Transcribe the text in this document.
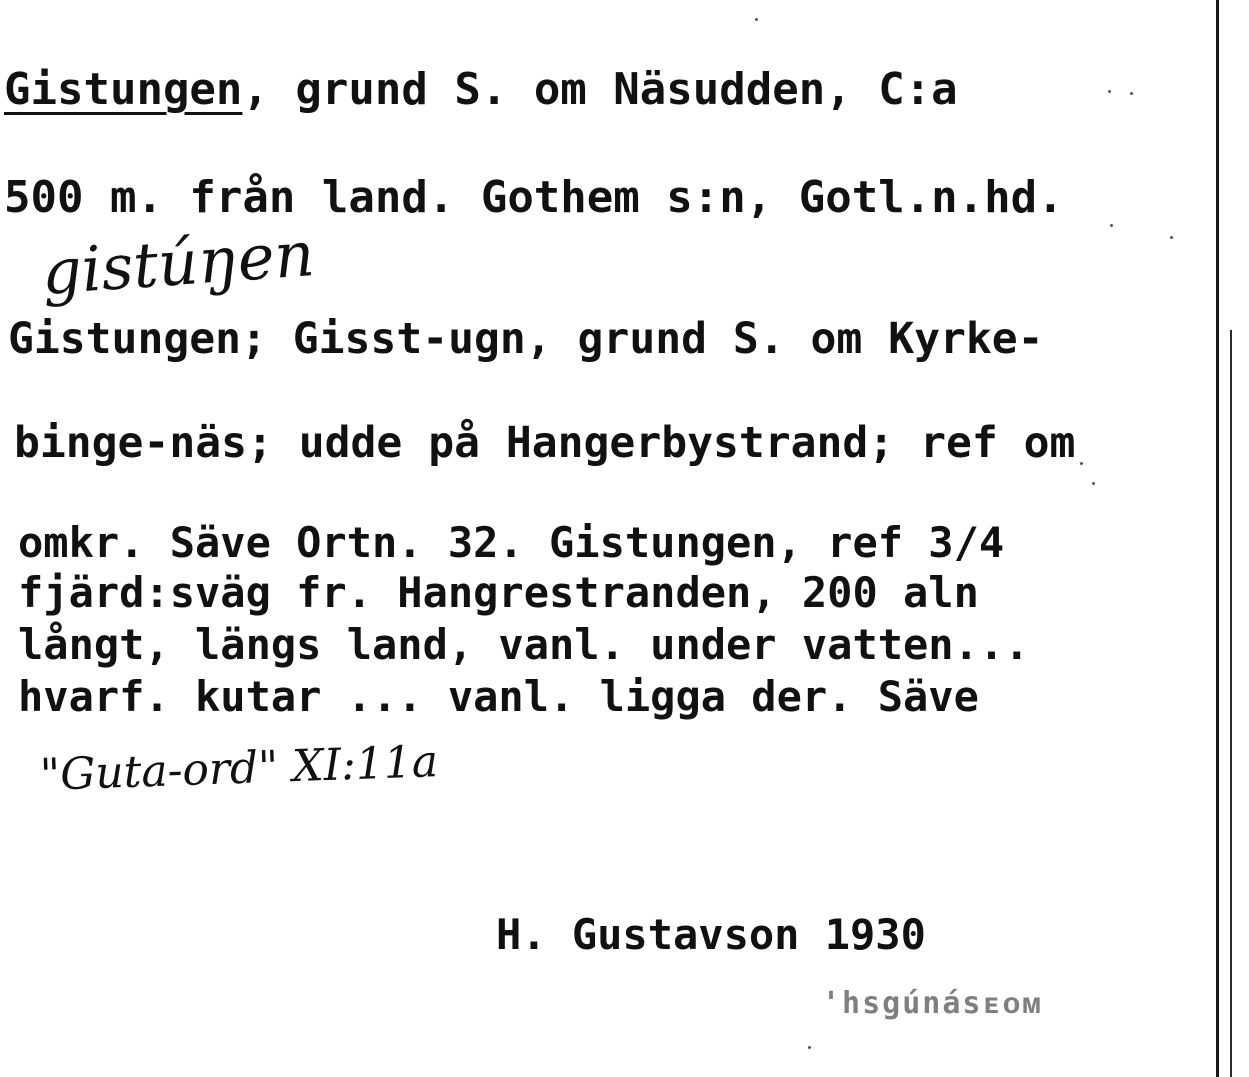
Gistungen, grund S. om Näsudden, C:a
500 m. från land. Gothem s:n, Gotl.n.hd.
gistúŋen
Gistungen; Gisst-ugn, grund S. om Kyrke-
binge-näs; udde på Hangerbystrand; ref om
omkr. Säve Ortn. 32. Gistungen, ref 3/4
fjärd:sväg fr. Hangrestranden, 200 aln
långt, längs land, vanl. under vatten...
hvarf. kutar ... vanl. ligga der. Säve
"Guta-ord" XI:11a
H. Gustavson 1930
'hsgúnásᴇᴏᴍ
